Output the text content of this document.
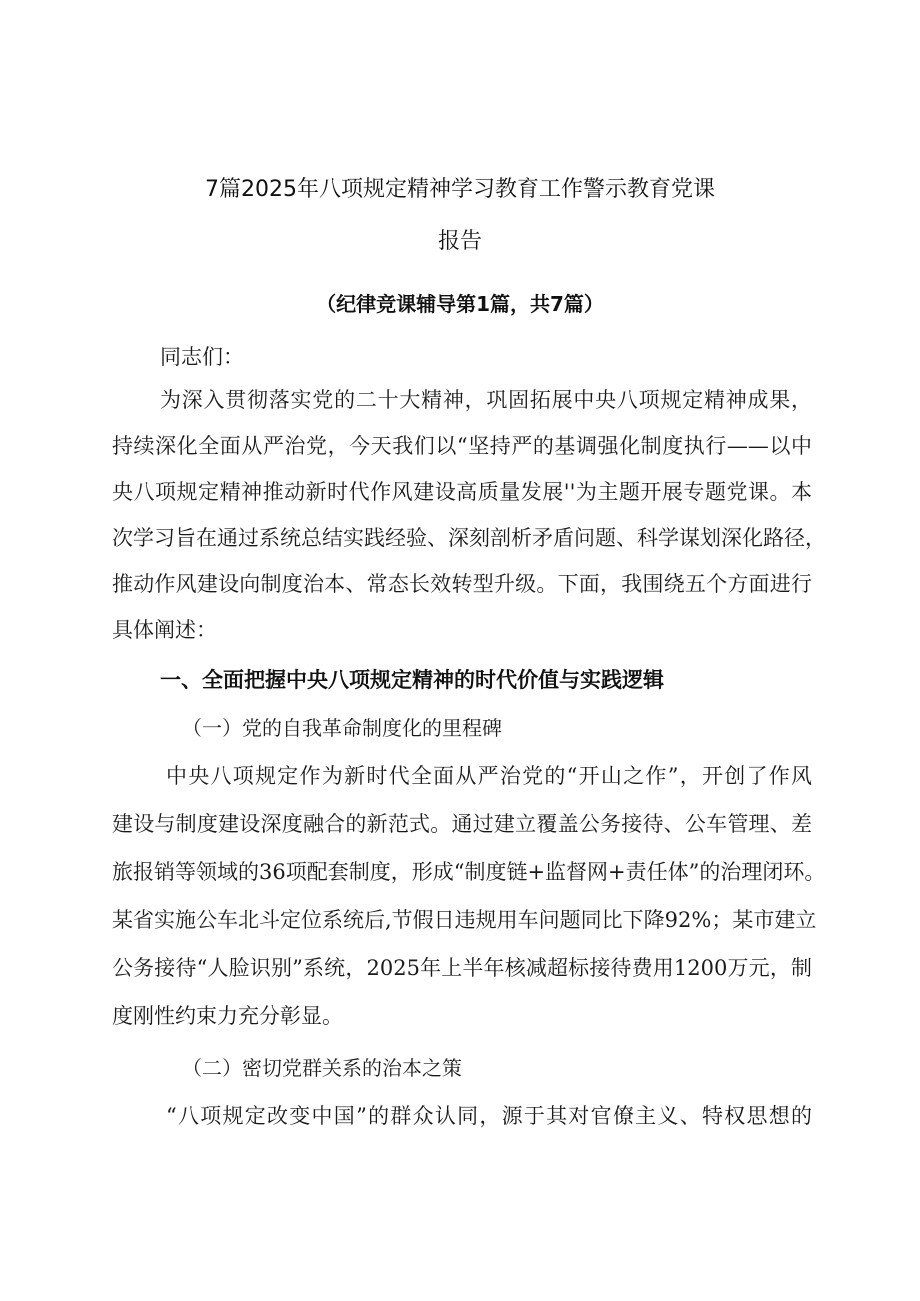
7篇2025年八项规定精神学习教育工作警示教育党课
报告
（纪律竞课辅导第1篇，共7篇）
同志们：
为深入贯彻落实党的二十大精神，巩固拓展中央八项规定精神成果，
持续深化全面从严治党，今天我们以“坚持严的基调强化制度执行——以中
央八项规定精神推动新时代作风建设高质量发展''为主题开展专题党课。本
次学习旨在通过系统总结实践经验、深刻剖析矛盾问题、科学谋划深化路径，
推动作风建设向制度治本、常态长效转型升级。下面，我围绕五个方面进行
具体阐述：
一、全面把握中央八项规定精神的时代价值与实践逻辑
（一）党的自我革命制度化的里程碑
中央八项规定作为新时代全面从严治党的“开山之作”，开创了作风
建设与制度建设深度融合的新范式。通过建立覆盖公务接待、公车管理、差
旅报销等领域的36项配套制度，形成“制度链+监督网+责任体”的治理闭环。
某省实施公车北斗定位系统后,节假日违规用车问题同比下降92%；某市建立
公务接待“人脸识别”系统，2025年上半年核减超标接待费用1200万元，制
度刚性约束力充分彰显。
（二）密切党群关系的治本之策
“八项规定改变中国”的群众认同，源于其对官僚主义、特权思想的
